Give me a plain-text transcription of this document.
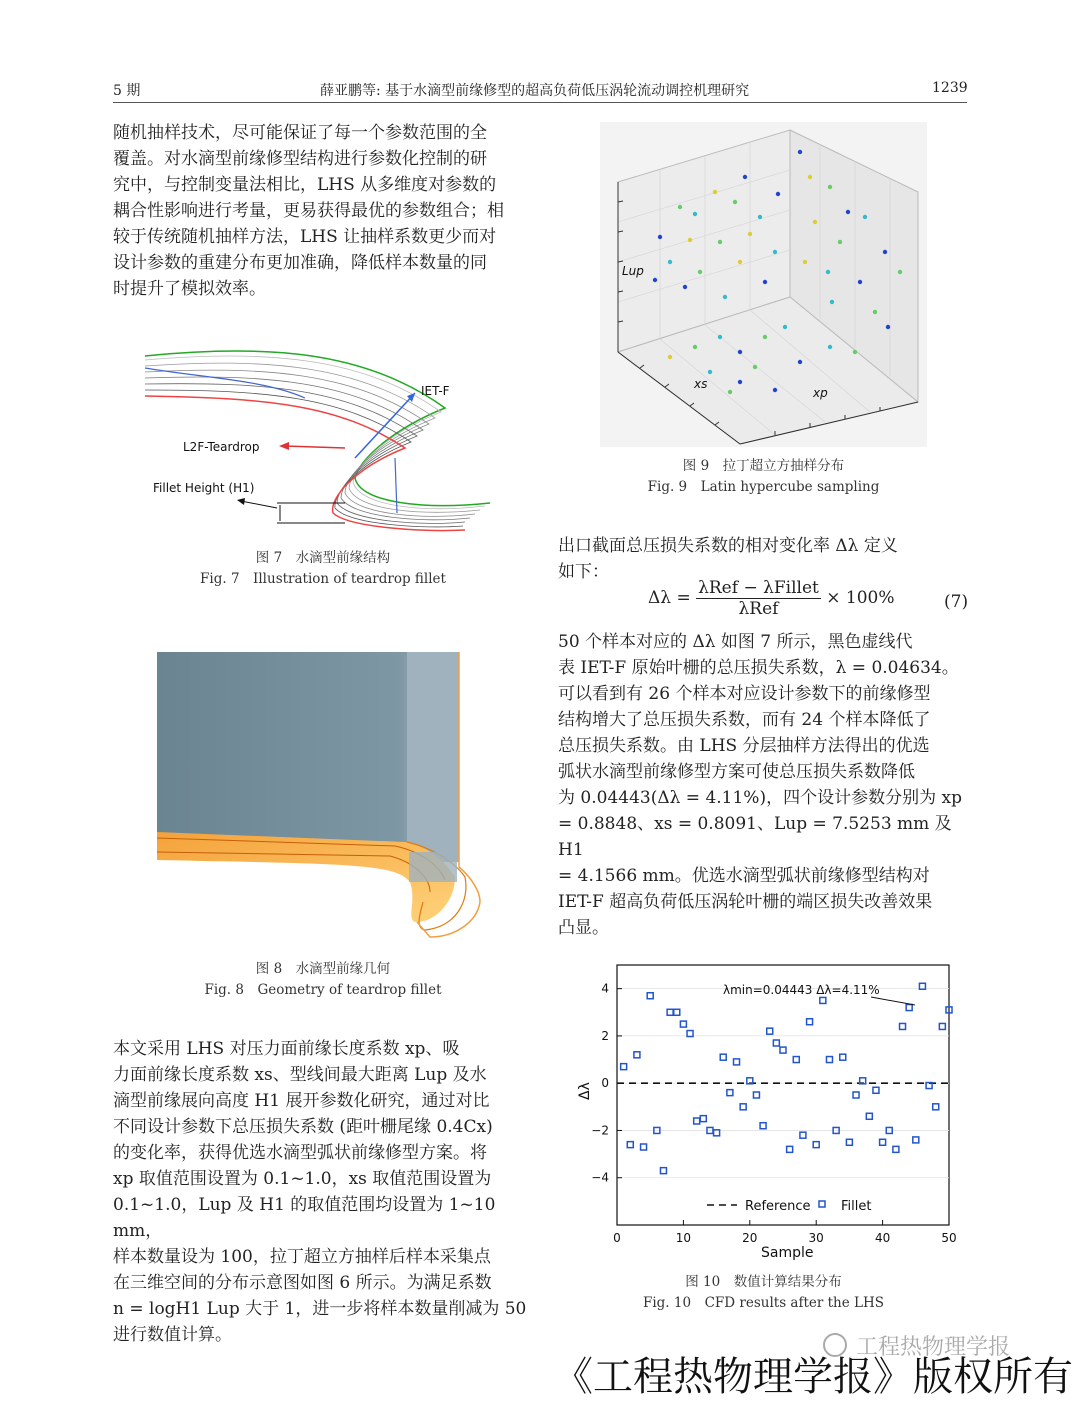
5 期	薛亚鹏等: 基于水滴型前缘修型的超高负荷低压涡轮流动调控机理研究	1239
随机抽样技术，尽可能保证了每一个参数范围的全
覆盖。对水滴型前缘修型结构进行参数化控制的研
究中，与控制变量法相比，LHS 从多维度对参数的
耦合性影响进行考量，更易获得最优的参数组合；相
较于传统随机抽样方法，LHS 让抽样系数更少而对
设计参数的重建分布更加准确，降低样本数量的同
时提升了模拟效率。
IET-F
L2F-Teardrop
Fillet Height (H1)
图 7　水滴型前缘结构
Fig. 7　Illustration of teardrop fillet
图 8　水滴型前缘几何
Fig. 8　Geometry of teardrop fillet
本文采用 LHS 对压力面前缘长度系数 xp、吸
力面前缘长度系数 xs、型线间最大距离 Lup 及水
滴型前缘展向高度 H1 展开参数化研究，通过对比
不同设计参数下总压损失系数 (距叶栅尾缘 0.4Cx)
的变化率，获得优选水滴型弧状前缘修型方案。将
xp 取值范围设置为 0.1~1.0，xs 取值范围设置为
0.1~1.0，Lup 及 H1 的取值范围均设置为 1~10 mm，
样本数量设为 100，拉丁超立方抽样后样本采集点
在三维空间的分布示意图如图 6 所示。为满足系数
n = logH1 Lup 大于 1，进一步将样本数量削减为 50
进行数值计算。
Lup
xs
xp
图 9　拉丁超立方抽样分布
Fig. 9　Latin hypercube sampling
出口截面总压损失系数的相对变化率 Δλ 定义
如下：
$\Delta\lambda = \frac{\text{λRef − λFillet}}{\text{λRef}} \times 100\%$	(7)
50 个样本对应的 Δλ 如图 7 所示，黑色虚线代
表 IET-F 原始叶栅的总压损失系数，λ = 0.04634。
可以看到有 26 个样本对应设计参数下的前缘修型
结构增大了总压损失系数，而有 24 个样本降低了
总压损失系数。由 LHS 分层抽样方法得出的优选
弧状水滴型前缘修型方案可使总压损失系数降低
为 0.04443(Δλ = 4.11%)，四个设计参数分别为 xp
= 0.8848、xs = 0.8091、Lup = 7.5253 mm 及 H1
= 4.1566 mm。优选水滴型弧状前缘修型结构对
IET-F 超高负荷低压涡轮叶栅的端区损失改善效果
凸显。
4
2
0
−2
−4
0	10	20	30	40	50
λmin=0.04443 Δλ=4.11%
Δλ
Sample
Reference Fillet
图 10　数值计算结果分布
Fig. 10　CFD results after the LHS
工程热物理学报
《工程热物理学报》版权所有
